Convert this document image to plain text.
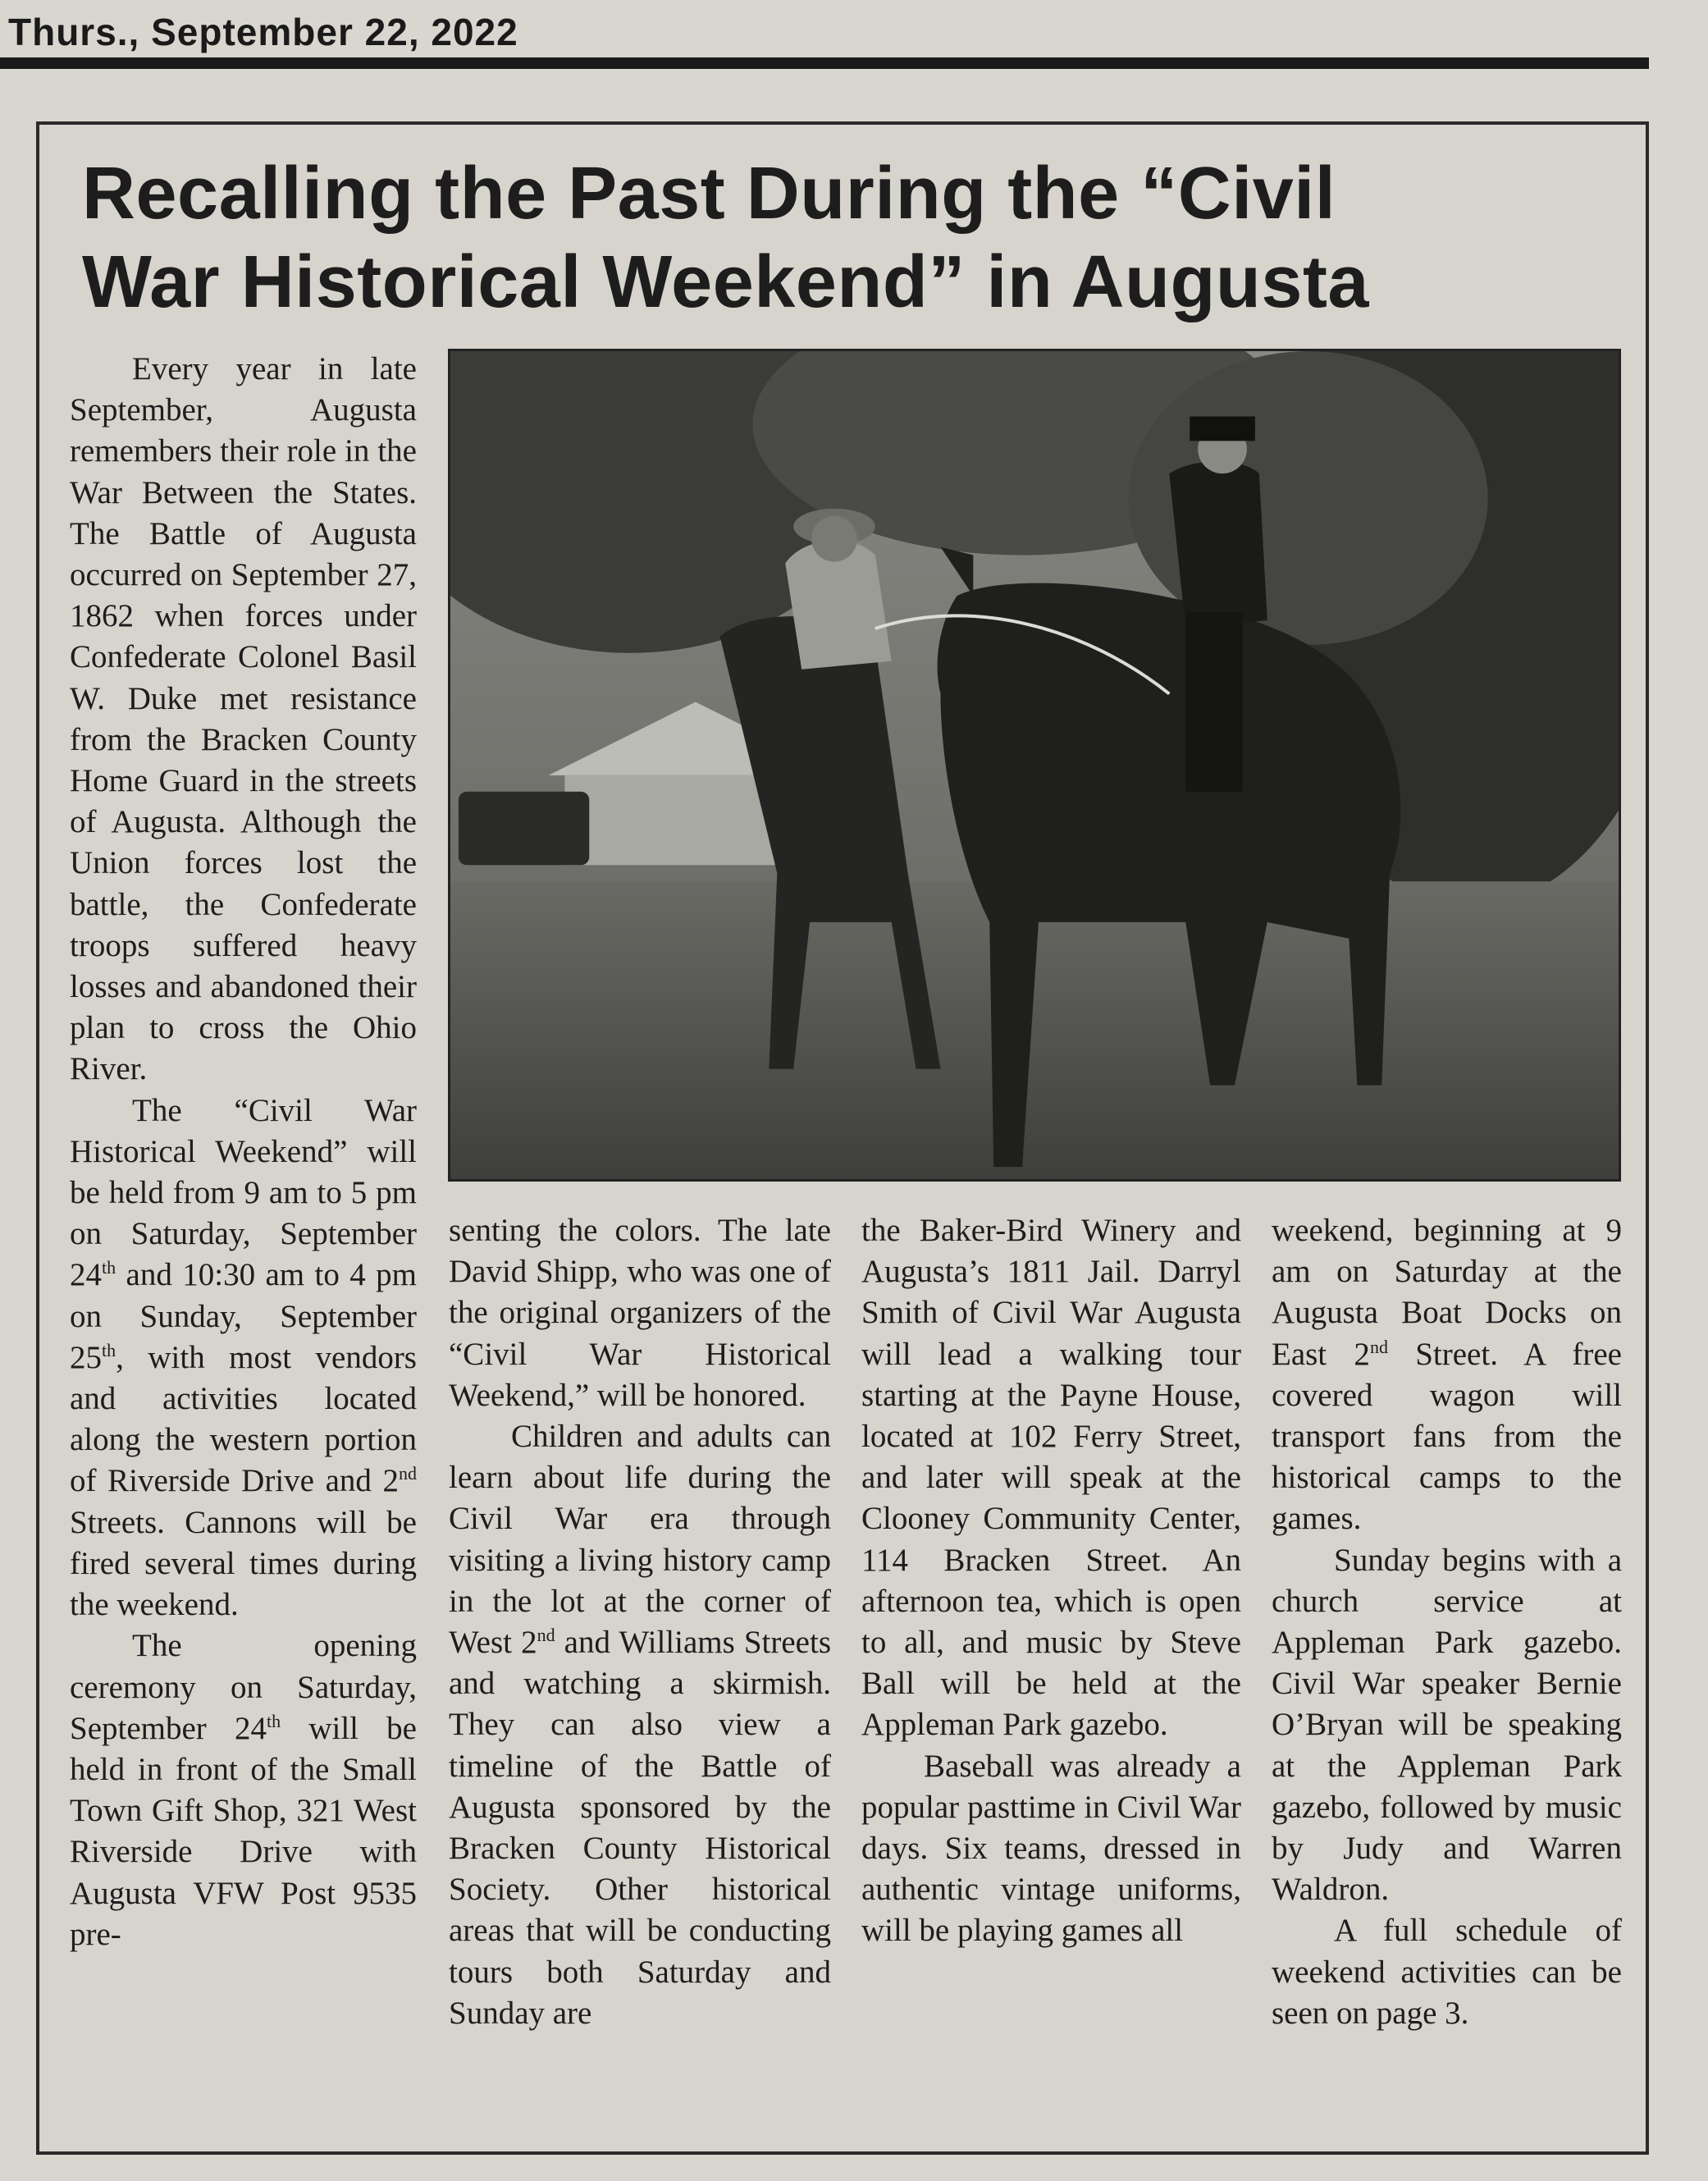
Thurs., September 22, 2022
Recalling the Past During the “Civil
War Historical Weekend” in Augusta

Every year in late September, Augusta remembers their role in the War Between the States. The Battle of Augusta occurred on September 27, 1862 when forces under Confederate Colonel Basil W. Duke met resistance from the Bracken County Home Guard in the streets of Augusta. Although the Union forces lost the battle, the Confederate troops suffered heavy losses and abandoned their plan to cross the Ohio River.

The “Civil War Historical Weekend” will be held from 9 am to 5 pm on Saturday, September 24th and 10:30 am to 4 pm on Sunday, September 25th, with most vendors and activities located along the western portion of Riverside Drive and 2nd Streets. Cannons will be fired several times during the weekend.

The opening ceremony on Saturday, September 24th will be held in front of the Small Town Gift Shop, 321 West Riverside Drive with Augusta VFW Post 9535 pre-

senting the colors. The late David Shipp, who was one of the original organizers of the “Civil War Historical Weekend,” will be honored.

Children and adults can learn about life during the Civil War era through visiting a living history camp in the lot at the corner of West 2nd and Williams Streets and watching a skirmish. They can also view a timeline of the Battle of Augusta sponsored by the Bracken County Historical Society. Other historical areas that will be conducting tours both Saturday and Sunday are

the Baker-Bird Winery and Augusta’s 1811 Jail. Darryl Smith of Civil War Augusta will lead a walking tour starting at the Payne House, located at 102 Ferry Street, and later will speak at the Clooney Community Center, 114 Bracken Street. An afternoon tea, which is open to all, and music by Steve Ball will be held at the Appleman Park gazebo.

Baseball was already a popular pasttime in Civil War days. Six teams, dressed in authentic vintage uniforms, will be playing games all

weekend, beginning at 9 am on Saturday at the Augusta Boat Docks on East 2nd Street. A free covered wagon will transport fans from the historical camps to the games.

Sunday begins with a church service at Appleman Park gazebo. Civil War speaker Bernie O’Bryan will be speaking at the Appleman Park gazebo, followed by music by Judy and Warren Waldron.

A full schedule of weekend activities can be seen on page 3.
